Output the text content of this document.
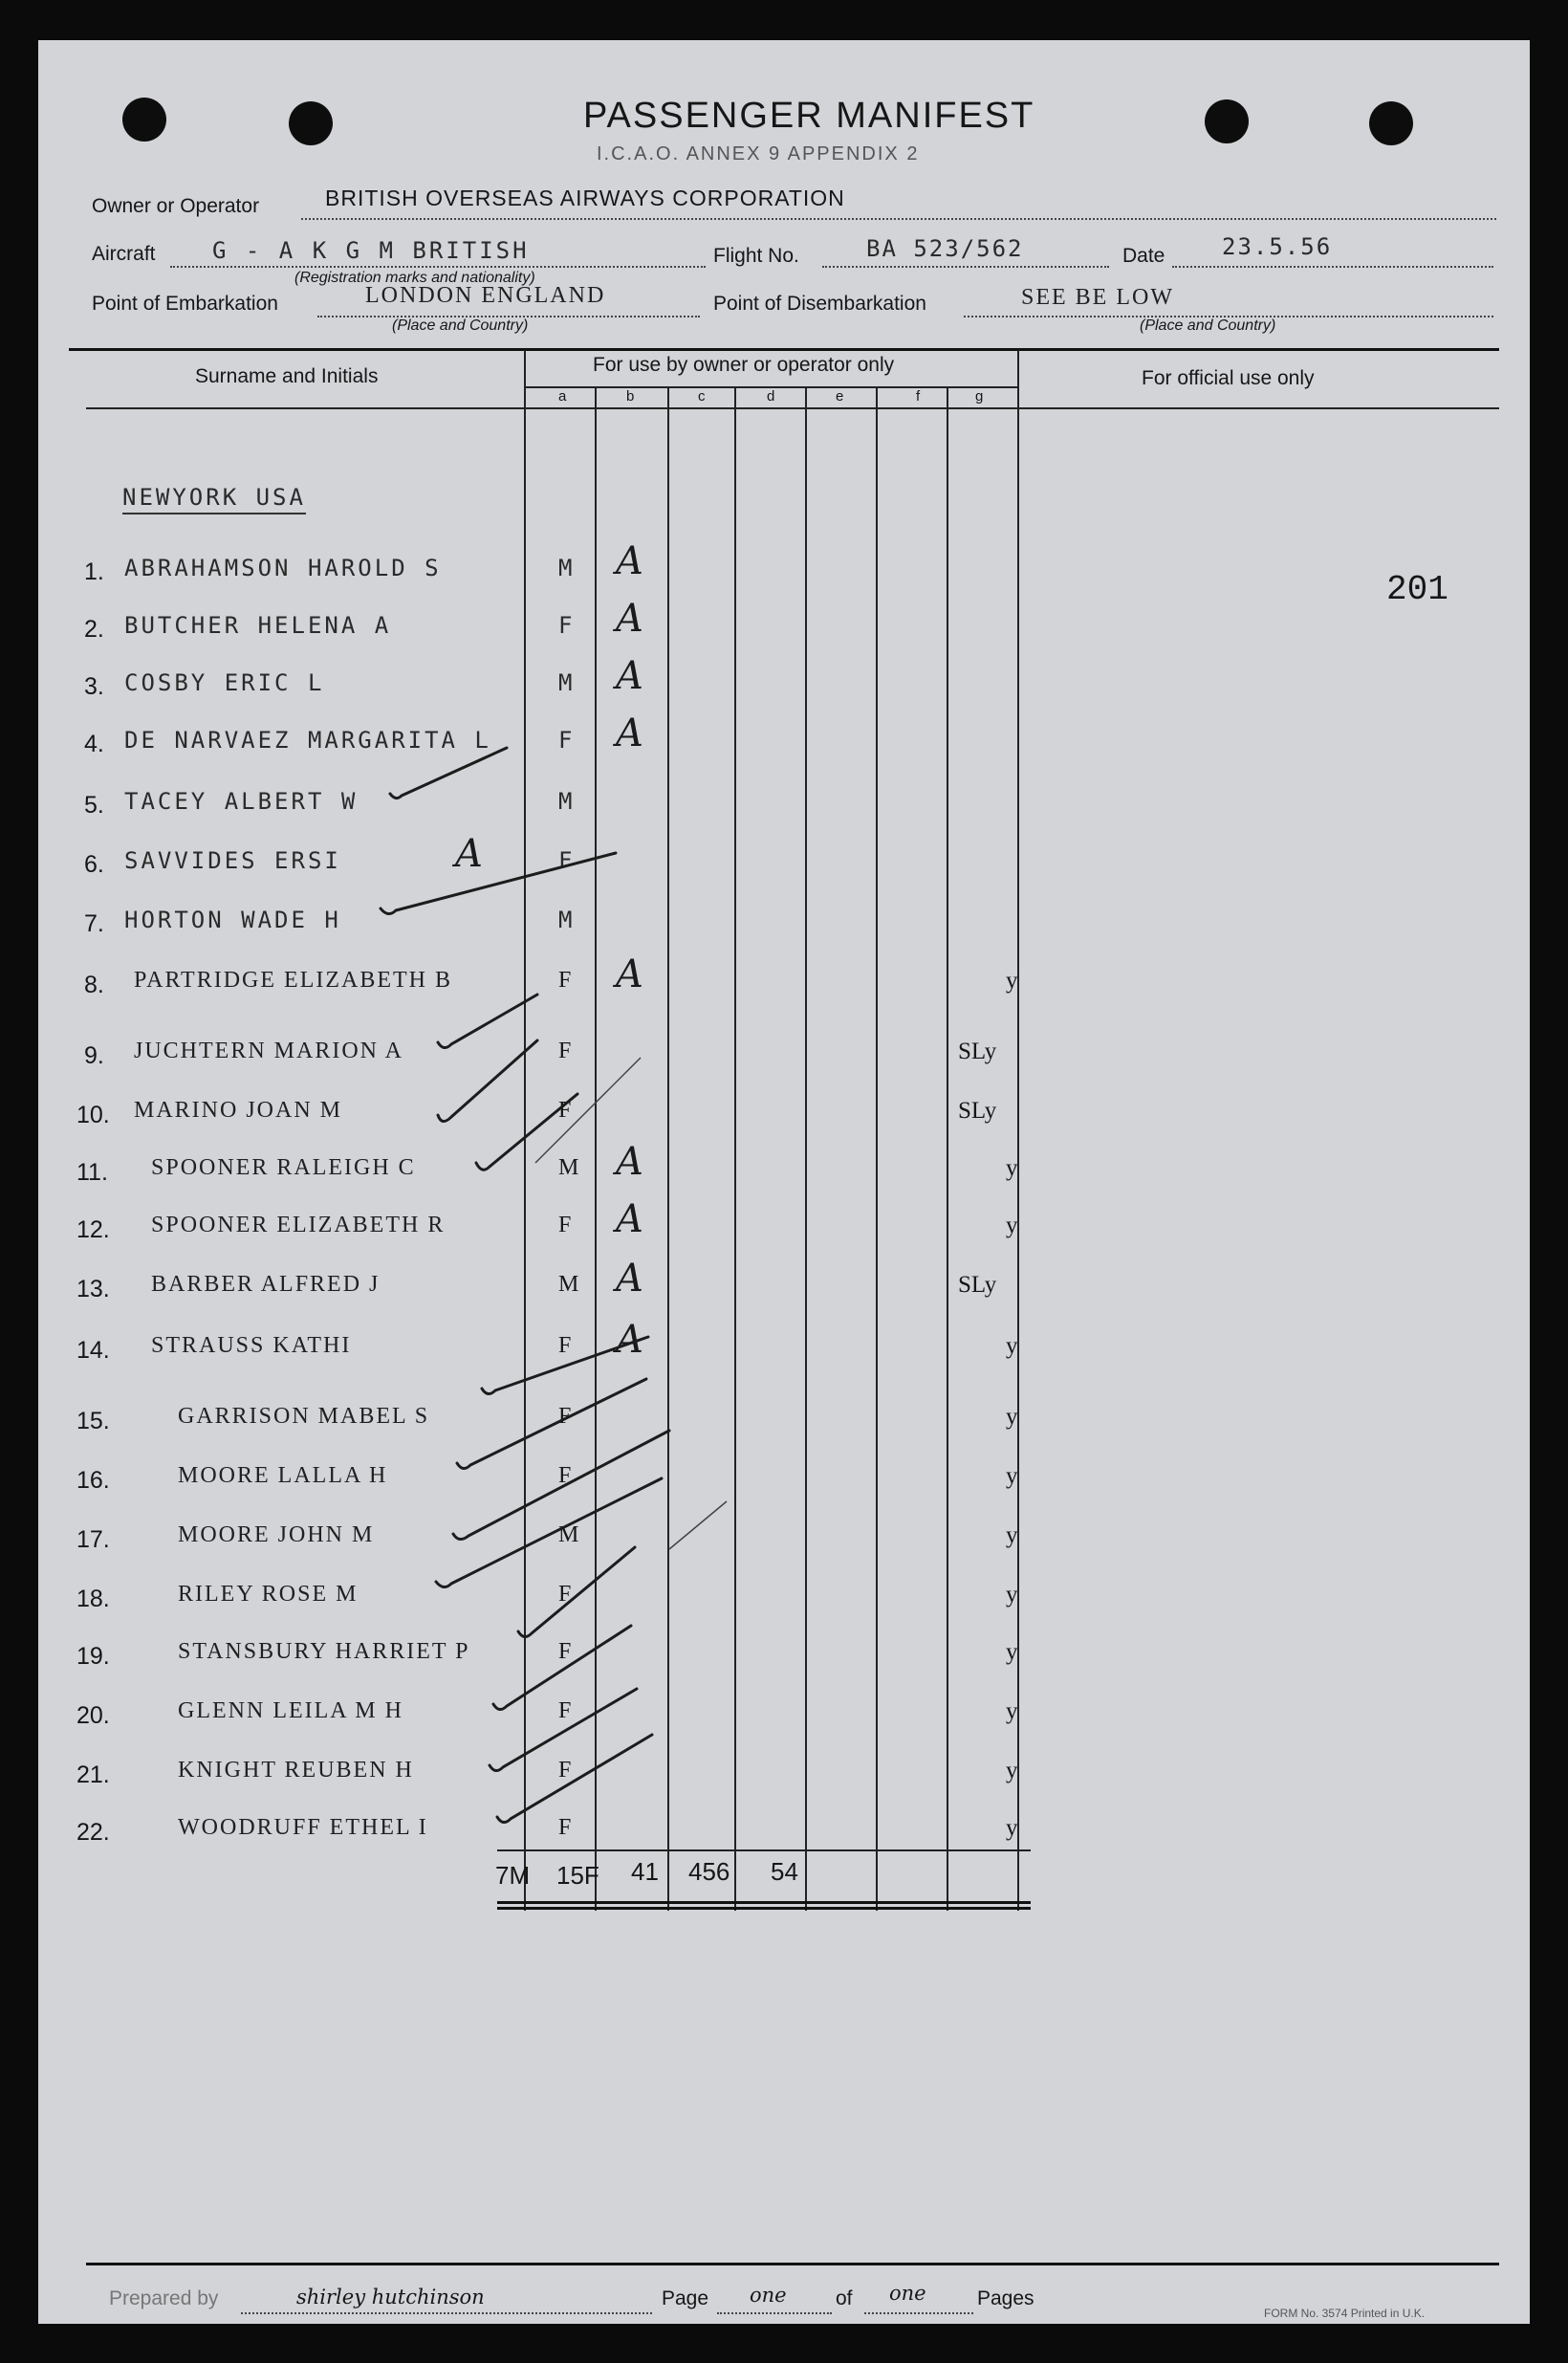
PASSENGER MANIFEST
I.C.A.O. ANNEX 9 APPENDIX 2
Owner or Operator	BRITISH OVERSEAS AIRWAYS CORPORATION
Aircraft G - A K G M BRITISH
(Registration marks and nationality)
Flight No.	BA 523/562	Date 23.5.56
Point of Embarkation	LONDON ENGLAND
(Place and Country)
Point of Disembarkation	SEE BE LOW
(Place and Country)
Surname and Initials
For use by owner or operator only
For official use only
a	b	c	d	e	f	g
NEWYORK USA
201
1. ABRAHAMSON HAROLD S	M A
2. BUTCHER HELENA A	F A
3. COSBY ERIC L	M A
4. DE NARVAEZ MARGARITA L	F A
5. TACEY ALBERT W	M
6. SAVVIDES ERSI	F
A
7. HORTON WADE H	M
8. PARTRIDGE ELIZABETH B	F A	y
9. JUCHTERN MARION A	F	SLy
10. MARINO JOAN M	F	SLy
11. SPOONER RALEIGH C	M A	y
12. SPOONER ELIZABETH R	F A	y
13. BARBER ALFRED J	M A	SLy
14. STRAUSS KATHI	F A	y
15.	GARRISON MABEL S	F	y
16.	MOORE LALLA H	F	y
17.	MOORE JOHN M	M	y
18.	RILEY ROSE M	F	y
19.	STANSBURY HARRIET P	F	y
20.	GLENN LEILA M H	F	y
21.	KNIGHT REUBEN H	F	y
22.	WOODRUFF ETHEL I	F	y
7M 15F 41 456 54
Prepared by	shirley hutchinson	Page one of one	Pages
FORM No. 3574 Printed in U.K.
